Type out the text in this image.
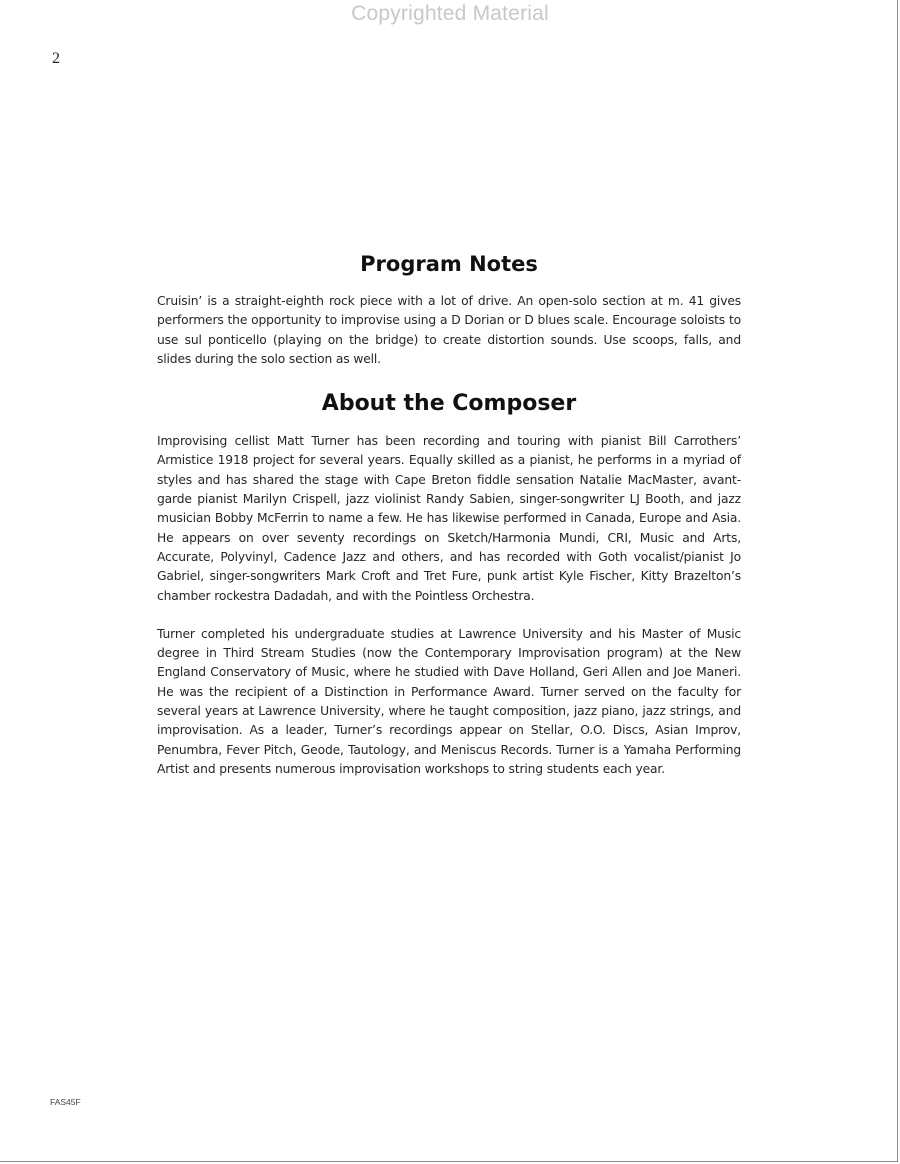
Copyrighted Material
2
Program Notes

Cruisin’ is a straight-eighth rock piece with a lot of drive. An open-solo section at m. 41 gives performers the opportunity to improvise using a D Dorian or D blues scale. Encourage soloists to use sul ponticello (playing on the bridge) to create distortion sounds. Use scoops, falls, and slides during the solo section as well.

About the Composer

Improvising cellist Matt Turner has been recording and touring with pianist Bill Carrothers’ Armistice 1918 project for several years. Equally skilled as a pianist, he performs in a myriad of styles and has shared the stage with Cape Breton fiddle sensation Natalie MacMaster, avant-garde pianist Marilyn Crispell, jazz violinist Randy Sabien, singer-songwriter LJ Booth, and jazz musician Bobby McFerrin to name a few. He has likewise performed in Canada, Europe and Asia. He appears on over seventy recordings on Sketch/Harmonia Mundi, CRI, Music and Arts, Accurate, Polyvinyl, Cadence Jazz and others, and has recorded with Goth vocalist/pianist Jo Gabriel, singer-songwriters Mark Croft and Tret Fure, punk artist Kyle Fischer, Kitty Brazelton’s chamber rockestra Dadadah, and with the Pointless Orchestra.

Turner completed his undergraduate studies at Lawrence University and his Master of Music degree in Third Stream Studies (now the Contemporary Improvisation program) at the New England Conservatory of Music, where he studied with Dave Holland, Geri Allen and Joe Maneri. He was the recipient of a Distinction in Performance Award. Turner served on the faculty for several years at Lawrence University, where he taught composition, jazz piano, jazz strings, and improvisation. As a leader, Turner’s recordings appear on Stellar, O.O. Discs, Asian Improv, Penumbra, Fever Pitch, Geode, Tautology, and Meniscus Records. Turner is a Yamaha Performing Artist and presents numerous improvisation workshops to string students each year.

FAS45F
